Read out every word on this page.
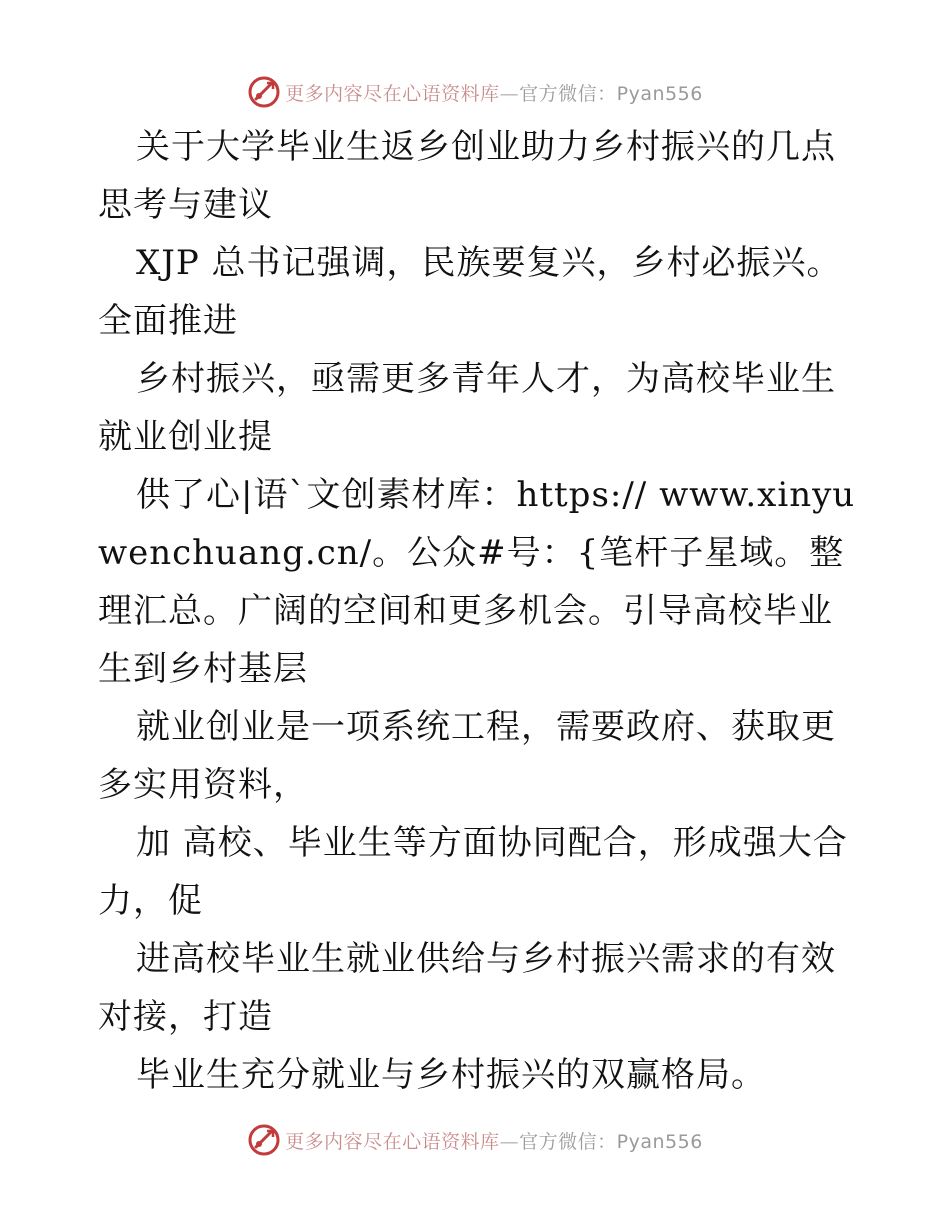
更多内容尽在心语资料库—官方微信：Pyan556

关于大学毕业生返乡创业助力乡村振兴的几点思考与建议

XJP 总书记强调，民族要复兴，乡村必振兴。全面推进

乡村振兴，亟需更多青年人才，为高校毕业生就业创业提

供了心|语`文创素材库：https:// www.xinyuwenchuang.cn/。公众#号：{笔杆子星域。整理汇总。广阔的空间和更多机会。引导高校毕业生到乡村基层

就业创业是一项系统工程，需要政府、获取更多实用资料，

加 高校、毕业生等方面协同配合，形成强大合力，促

进高校毕业生就业供给与乡村振兴需求的有效对接，打造

毕业生充分就业与乡村振兴的双赢格局。

更多内容尽在心语资料库—官方微信：Pyan556
